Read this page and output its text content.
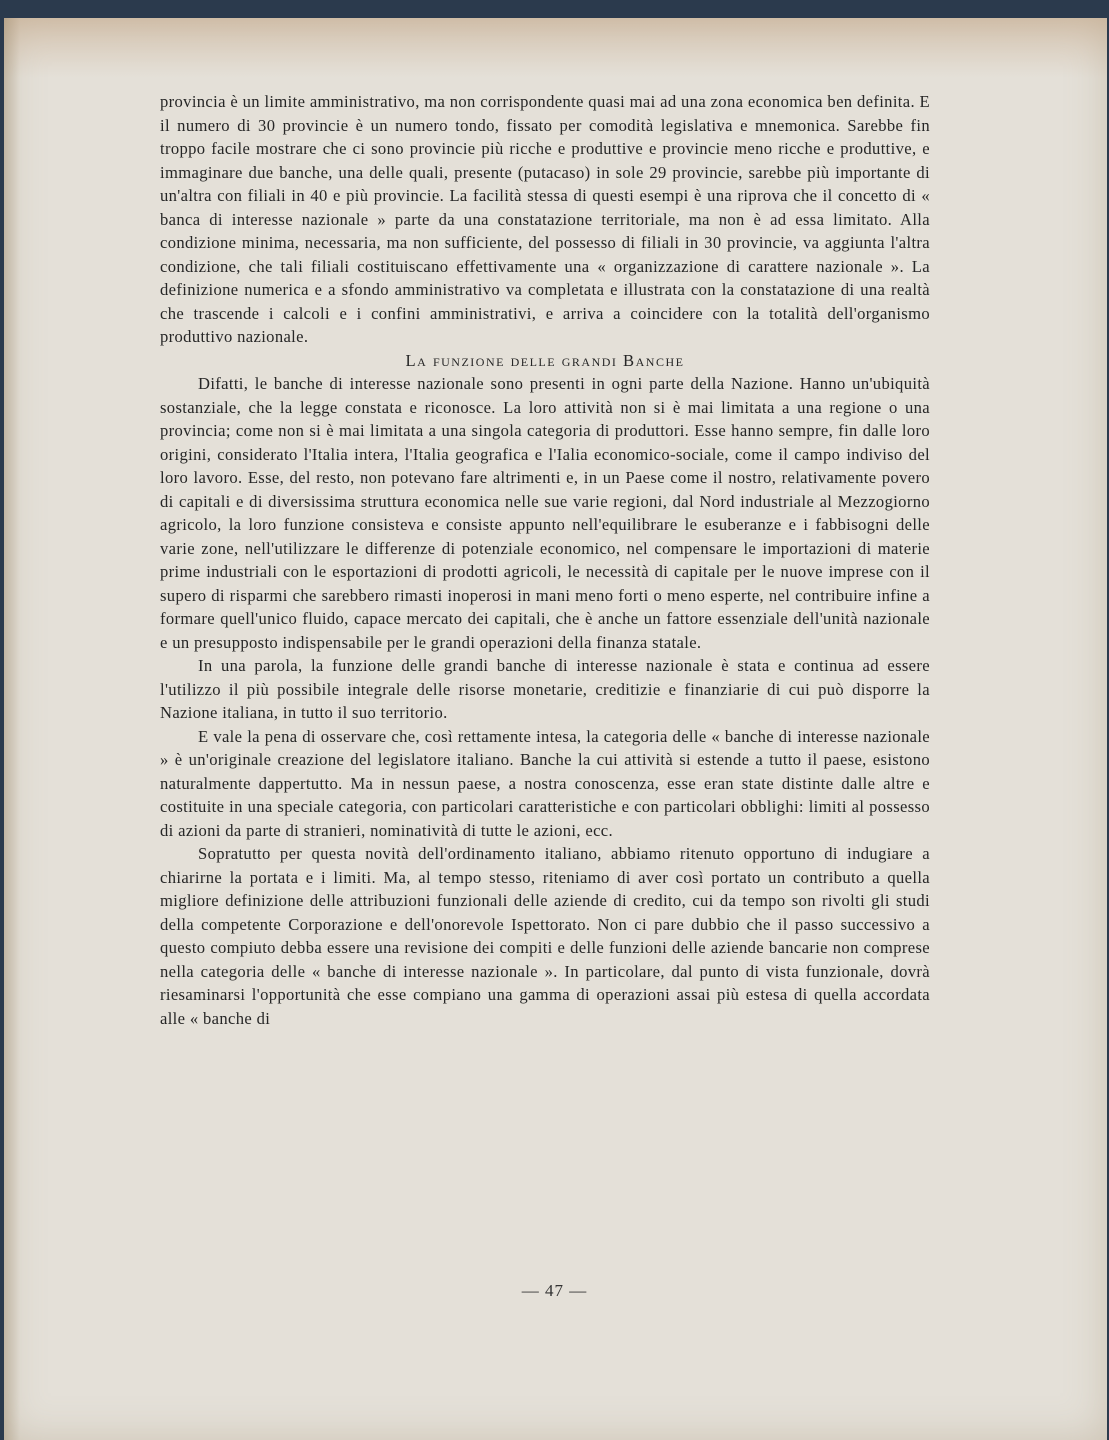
provincia è un limite amministrativo, ma non corrispondente quasi mai ad una zona economica ben definita. E il numero di 30 provincie è un numero tondo, fissato per comodità legislativa e mnemonica. Sarebbe fin troppo facile mostrare che ci sono provincie più ricche e produttive e provincie meno ricche e produttive, e immaginare due banche, una delle quali, presente (putacaso) in sole 29 provincie, sarebbe più importante di un'altra con filiali in 40 e più provincie. La facilità stessa di questi esempi è una riprova che il concetto di « banca di interesse nazionale » parte da una constatazione territoriale, ma non è ad essa limitato. Alla condizione minima, necessaria, ma non sufficiente, del possesso di filiali in 30 provincie, va aggiunta l'altra condizione, che tali filiali costituiscano effettivamente una « organizzazione di carattere nazionale ». La definizione numerica e a sfondo amministrativo va completata e illustrata con la constatazione di una realtà che trascende i calcoli e i confini amministrativi, e arriva a coincidere con la totalità dell'organismo produttivo nazionale.

La funzione delle grandi Banche

Difatti, le banche di interesse nazionale sono presenti in ogni parte della Nazione. Hanno un'ubiquità sostanziale, che la legge constata e riconosce. La loro attività non si è mai limitata a una regione o una provincia; come non si è mai limitata a una singola categoria di produttori. Esse hanno sempre, fin dalle loro origini, considerato l'Italia intera, l'Italia geografica e l'Ialia economico-sociale, come il campo indiviso del loro lavoro. Esse, del resto, non potevano fare altrimenti e, in un Paese come il nostro, relativamente povero di capitali e di diversissima struttura economica nelle sue varie regioni, dal Nord industriale al Mezzogiorno agricolo, la loro funzione consisteva e consiste appunto nell'equilibrare le esuberanze e i fabbisogni delle varie zone, nell'utilizzare le differenze di potenziale economico, nel compensare le importazioni di materie prime industriali con le esportazioni di prodotti agricoli, le necessità di capitale per le nuove imprese con il supero di risparmi che sarebbero rimasti inoperosi in mani meno forti o meno esperte, nel contribuire infine a formare quell'unico fluido, capace mercato dei capitali, che è anche un fattore essenziale dell'unità nazionale e un presupposto indispensabile per le grandi operazioni della finanza statale.

In una parola, la funzione delle grandi banche di interesse nazionale è stata e continua ad essere l'utilizzo il più possibile integrale delle risorse monetarie, creditizie e finanziarie di cui può disporre la Nazione italiana, in tutto il suo territorio.

E vale la pena di osservare che, così rettamente intesa, la categoria delle « banche di interesse nazionale » è un'originale creazione del legislatore italiano. Banche la cui attività si estende a tutto il paese, esistono naturalmente dappertutto. Ma in nessun paese, a nostra conoscenza, esse eran state distinte dalle altre e costituite in una speciale categoria, con particolari caratteristiche e con particolari obblighi: limiti al possesso di azioni da parte di stranieri, nominatività di tutte le azioni, ecc.

Sopratutto per questa novità dell'ordinamento italiano, abbiamo ritenuto opportuno di indugiare a chiarirne la portata e i limiti. Ma, al tempo stesso, riteniamo di aver così portato un contributo a quella migliore definizione delle attribuzioni funzionali delle aziende di credito, cui da tempo son rivolti gli studi della competente Corporazione e dell'onorevole Ispettorato. Non ci pare dubbio che il passo successivo a questo compiuto debba essere una revisione dei compiti e delle funzioni delle aziende bancarie non comprese nella categoria delle « banche di interesse nazionale ». In particolare, dal punto di vista funzionale, dovrà riesaminarsi l'opportunità che esse compiano una gamma di operazioni assai più estesa di quella accordata alle « banche di

— 47 —
